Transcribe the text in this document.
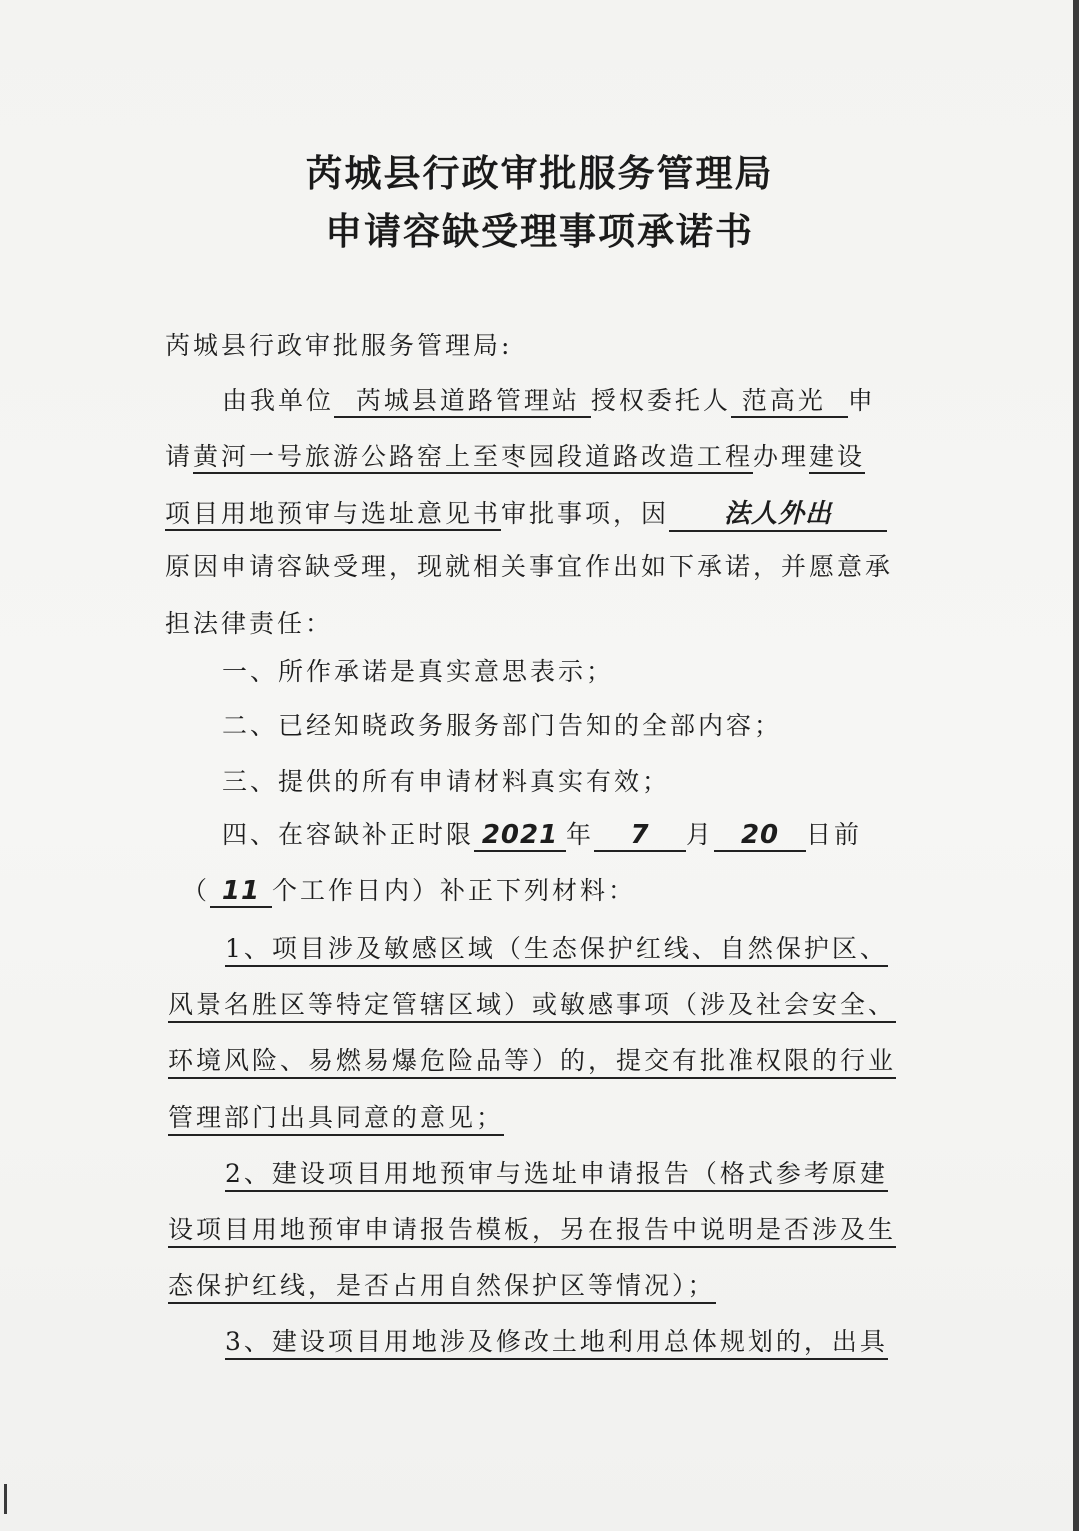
芮城县行政审批服务管理局
申请容缺受理事项承诺书
芮城县行政审批服务管理局:
由我单位 芮城县道路管理站 授权委托人 范高光 申
请黄河一号旅游公路窑上至枣园段道路改造工程办理建设
项目用地预审与选址意见书审批事项，因 法人外出
原因申请容缺受理，现就相关事宜作出如下承诺，并愿意承
担法律责任：
一、所作承诺是真实意思表示；
二、已经知晓政务服务部门告知的全部内容；
三、提供的所有申请材料真实有效；
四、在容缺补正时限 2021 年 7 月 20 日前
（ 11 个工作日内）补正下列材料：
1、项目涉及敏感区域（生态保护红线、自然保护区、
风景名胜区等特定管辖区域）或敏感事项（涉及社会安全、
环境风险、易燃易爆危险品等）的，提交有批准权限的行业
管理部门出具同意的意见；
2、建设项目用地预审与选址申请报告（格式参考原建
设项目用地预审申请报告模板，另在报告中说明是否涉及生
态保护红线，是否占用自然保护区等情况）；
3、建设项目用地涉及修改土地利用总体规划的，出具
